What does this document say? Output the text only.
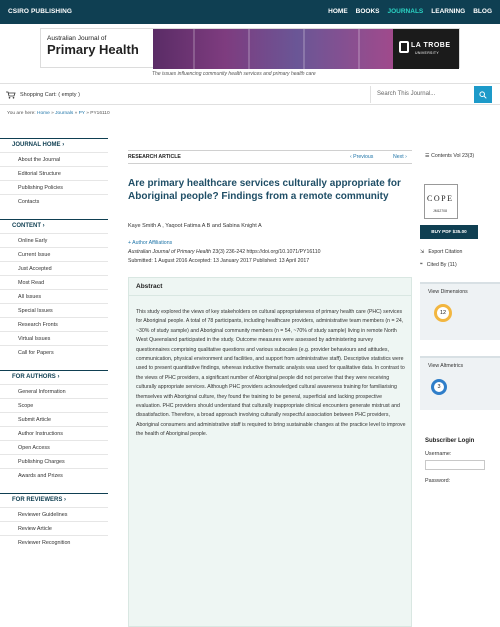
CSIRO PUBLISHING	HOME BOOKS JOURNALS LEARNING BLOG
Australian Journal of
Primary Health	LA TROBE
UNIVERSITY
The issues influencing community health services and primary health care
Shopping Cart: ( empty )	Search This Journal...
You are here: Home » Journals » PY » PY16110
JOURNAL HOME ›
About the Journal
Editorial Structure
Publishing Policies
Contacts
CONTENT ›
Online Early
Current Issue
Just Accepted
Most Read
All Issues
Special Issues
Research Fronts
Virtual Issues
Call for Papers
FOR AUTHORS ›
General Information
Scope
Submit Article
Author Instructions
Open Access
Publishing Charges
Awards and Prizes
FOR REVIEWERS ›
Reviewer Guidelines
Review Article
Reviewer Recognition
RESEARCH ARTICLE	‹ Previous	Next ›
Are primary healthcare services culturally appropriate for Aboriginal people? Findings from a remote community
Kaye Smith A , Yaqoot Fatima A B and Sabina Knight A
+ Author Affiliations
Australian Journal of Primary Health 23(3) 236-242 https://doi.org/10.1071/PY16110
Submitted: 1 August 2016 Accepted: 13 January 2017 Published: 13 April 2017
Abstract
This study explored the views of key stakeholders on cultural appropriateness of primary health care (PHC) services for Aboriginal people. A total of 78 participants, including healthcare providers, administrative team members (n = 24, ~30% of study sample) and Aboriginal community members (n = 54, ~70% of study sample) living in remote North West Queensland participated in the study. Outcome measures were assessed by administering survey questionnaires comprising qualitative questions and various subscales (e.g. provider behaviours and attitudes, communication, physical environment and facilities, and support from administrative staff). Descriptive statistics were used to present quantitative findings, whereas inductive thematic analysis was used for qualitative data. In contrast to the views of PHC providers, a significant number of Aboriginal people did not perceive that they were receiving culturally appropriate services. Although PHC providers acknowledged cultural awareness training for familiarising themselves with Aboriginal culture, they found the training to be general, superficial and lacking prospective evaluation. PHC providers should understand that culturally inappropriate clinical encounters generate mistrust and dissatisfaction. Therefore, a broad approach involving culturally respectful association between PHC providers, Aboriginal consumers and administrative staff is required to bring sustainable changes at the practice level to improve the health of Aboriginal people.
☰ Contents Vol 23(3)
COPE
JM12708
BUY PDF $35.00
⇲ Export Citation
❝ Cited By (11)
View Dimensions
12
View Altmetrics
3
Subscriber Login
Username:
Password:
